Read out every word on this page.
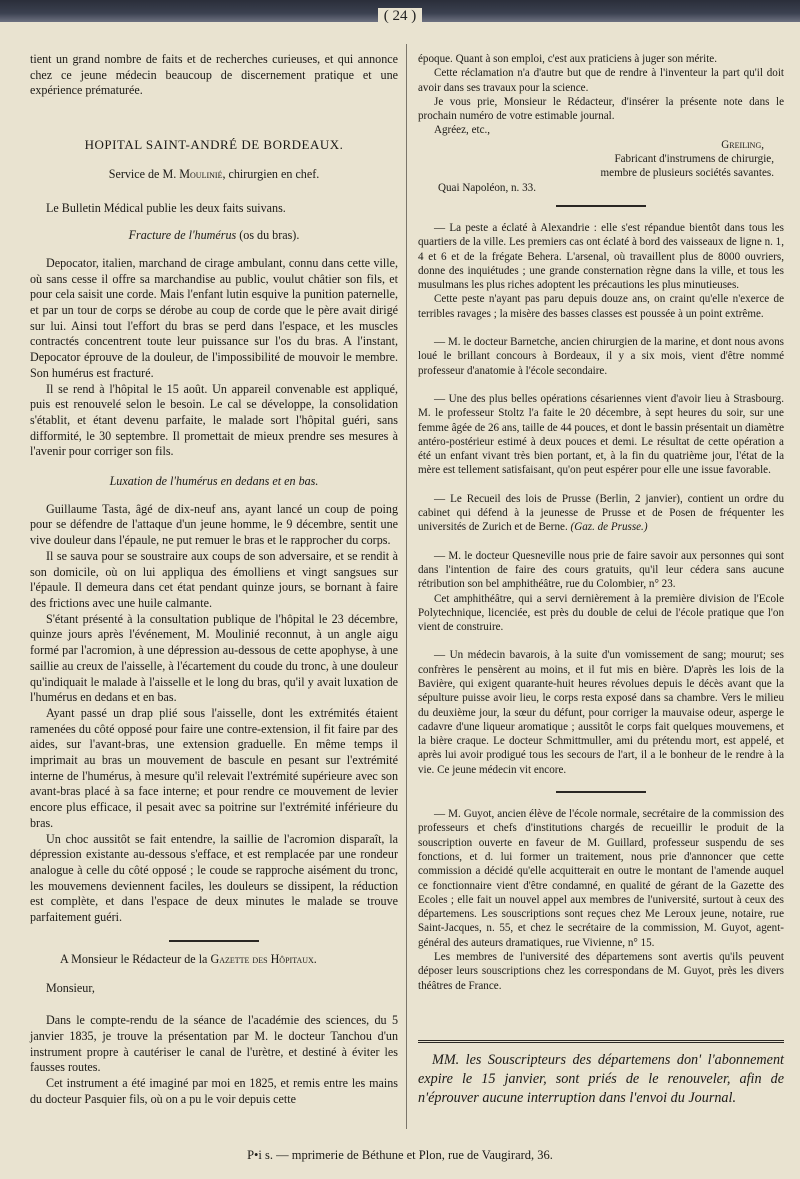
( 24 )

tient un grand nombre de faits et de recherches curieuses, et qui annonce chez ce jeune médecin beaucoup de discernement pratique et une expérience prématurée.

HOPITAL SAINT-ANDRÉ DE BORDEAUX.

Service de M. Moulinié, chirurgien en chef.

Le Bulletin Médical publie les deux faits suivans.

Fracture de l'humérus (os du bras).

Depocator, italien, marchand de cirage ambulant, connu dans cette ville, où sans cesse il offre sa marchandise au public, voulut châtier son fils, et pour cela saisit une corde. Mais l'enfant lutin esquive la punition paternelle, et par un tour de corps se dérobe au coup de corde que le père avait dirigé sur lui. Ainsi tout l'effort du bras se perd dans l'espace, et les muscles contractés concentrent toute leur puissance sur l'os du bras. A l'instant, Depocator éprouve de la douleur, de l'impossibilité de mouvoir le membre. Son humérus est fracturé.

Il se rend à l'hôpital le 15 août. Un appareil convenable est appliqué, puis est renouvelé selon le besoin. Le cal se développe, la consolidation s'établit, et étant devenu parfaite, le malade sort l'hôpital guéri, sans difformité, le 30 septembre. Il promettait de mieux prendre ses mesures à l'avenir pour corriger son fils.

Luxation de l'humérus en dedans et en bas.

Guillaume Tasta, âgé de dix-neuf ans, ayant lancé un coup de poing pour se défendre de l'attaque d'un jeune homme, le 9 décembre, sentit une vive douleur dans l'épaule, ne put remuer le bras et le rapprocher du corps.

Il se sauva pour se soustraire aux coups de son adversaire, et se rendit à son domicile, où on lui appliqua des émolliens et vingt sangsues sur l'épaule. Il demeura dans cet état pendant quinze jours, se bornant à faire des frictions avec une huile calmante.

S'étant présenté à la consultation publique de l'hôpital le 23 décembre, quinze jours après l'événement, M. Moulinié reconnut, à un angle aigu formé par l'acromion, à une dépression au-dessous de cette apophyse, à une saillie au creux de l'aisselle, à l'écartement du coude du tronc, à une douleur qu'indiquait le malade à l'aisselle et le long du bras, qu'il y avait luxation de l'humérus en dedans et en bas.

Ayant passé un drap plié sous l'aisselle, dont les extrémités étaient ramenées du côté opposé pour faire une contre-extension, il fit faire par des aides, sur l'avant-bras, une extension graduelle. En même temps il imprimait au bras un mouvement de bascule en pesant sur l'extrémité interne de l'humérus, à mesure qu'il relevait l'extrémité supérieure avec son avant-bras placé à sa face interne; et pour rendre ce mouvement de levier encore plus efficace, il pesait avec sa poitrine sur l'extrémité inférieure du bras.

Un choc aussitôt se fait entendre, la saillie de l'acromion disparaît, la dépression existante au-dessous s'efface, et est remplacée par une rondeur analogue à celle du côté opposé ; le coude se rapproche aisément du tronc, les mouvemens deviennent faciles, les douleurs se dissipent, la réduction est complète, et dans l'espace de deux minutes le malade se trouve parfaitement guéri.

A Monsieur le Rédacteur de la Gazette des Hôpitaux.

Monsieur,

Dans le compte-rendu de la séance de l'académie des sciences, du 5 janvier 1835, je trouve la présentation par M. le docteur Tanchou d'un instrument propre à cautériser le canal de l'urètre, et destiné à éviter les fausses routes.

Cet instrument a été imaginé par moi en 1825, et remis entre les mains du docteur Pasquier fils, où on a pu le voir depuis cette

époque. Quant à son emploi, c'est aux praticiens à juger son mérite.

Cette réclamation n'a d'autre but que de rendre à l'inventeur la part qu'il doit avoir dans ses travaux pour la science.

Je vous prie, Monsieur le Rédacteur, d'insérer la présente note dans le prochain numéro de votre estimable journal.

Agréez, etc.,

Greiling,

Fabricant d'instrumens de chirurgie,

membre de plusieurs sociétés savantes.

Quai Napoléon, n. 33.

— La peste a éclaté à Alexandrie : elle s'est répandue bientôt dans tous les quartiers de la ville. Les premiers cas ont éclaté à bord des vaisseaux de ligne n. 1, 4 et 6 et de la frégate Behera. L'arsenal, où travaillent plus de 8000 ouvriers, donne des inquiétudes ; une grande consternation règne dans la ville, et tous les musulmans les plus riches adoptent les précautions les plus minutieuses.

Cette peste n'ayant pas paru depuis douze ans, on craint qu'elle n'exerce de terribles ravages ; la misère des basses classes est poussée à un point extrême.

— M. le docteur Barnetche, ancien chirurgien de la marine, et dont nous avons loué le brillant concours à Bordeaux, il y a six mois, vient d'être nommé professeur d'anatomie à l'école secondaire.

— Une des plus belles opérations césariennes vient d'avoir lieu à Strasbourg. M. le professeur Stoltz l'a faite le 20 décembre, à sept heures du soir, sur une femme âgée de 26 ans, taille de 44 pouces, et dont le bassin présentait un diamètre antéro-postérieur estimé à deux pouces et demi. Le résultat de cette opération a été un enfant vivant très bien portant, et, à la fin du quatrième jour, l'état de la mère est tellement satisfaisant, qu'on peut espérer pour elle une issue favorable.

— Le Recueil des lois de Prusse (Berlin, 2 janvier), contient un ordre du cabinet qui défend à la jeunesse de Prusse et de Posen de fréquenter les universités de Zurich et de Berne. (Gaz. de Prusse.)

— M. le docteur Quesneville nous prie de faire savoir aux personnes qui sont dans l'intention de faire des cours gratuits, qu'il leur cédera sans aucune rétribution son bel amphithéâtre, rue du Colombier, n° 23.

Cet amphithéâtre, qui a servi dernièrement à la première division de l'Ecole Polytechnique, licenciée, est près du double de celui de l'école pratique que l'on vient de construire.

— Un médecin bavarois, à la suite d'un vomissement de sang; mourut; ses confrères le pensèrent au moins, et il fut mis en bière. D'après les lois de la Bavière, qui exigent quarante-huit heures révolues depuis le décès avant que la sépulture puisse avoir lieu, le corps resta exposé dans sa chambre. Vers le milieu du deuxième jour, la sœur du défunt, pour corriger la mauvaise odeur, asperge le cadavre d'une liqueur aromatique ; aussitôt le corps fait quelques mouvemens, et la bière craque. Le docteur Schmittmuller, ami du prétendu mort, est appelé, et après lui avoir prodigué tous les secours de l'art, il a le bonheur de le rendre à la vie. Ce jeune médecin vit encore.

— M. Guyot, ancien élève de l'école normale, secrétaire de la commission des professeurs et chefs d'institutions chargés de recueillir le produit de la souscription ouverte en faveur de M. Guillard, professeur suspendu de ses fonctions, et d. lui former un traitement, nous prie d'annoncer que cette commission a décidé qu'elle acquitterait en outre le montant de l'amende auquel ce fonctionnaire vient d'être condamné, en qualité de gérant de la Gazette des Ecoles ; elle fait un nouvel appel aux membres de l'université, surtout à ceux des départemens. Les souscriptions sont reçues chez Me Leroux jeune, notaire, rue Saint-Jacques, n. 55, et chez le secrétaire de la commission, M. Guyot, agent-général des auteurs dramatiques, rue Vivienne, n° 15.

Les membres de l'université des départemens sont avertis qu'ils peuvent déposer leurs souscriptions chez les correspondans de M. Guyot, près les divers théâtres de France.

MM. les Souscripteurs des départemens don' l'abonnement expire le 15 janvier, sont priés de le renouveler, afin de n'éprouver aucune interruption dans l'envoi du Journal.
P•i s. — mprimerie de Béthune et Plon, rue de Vaugirard, 36.
